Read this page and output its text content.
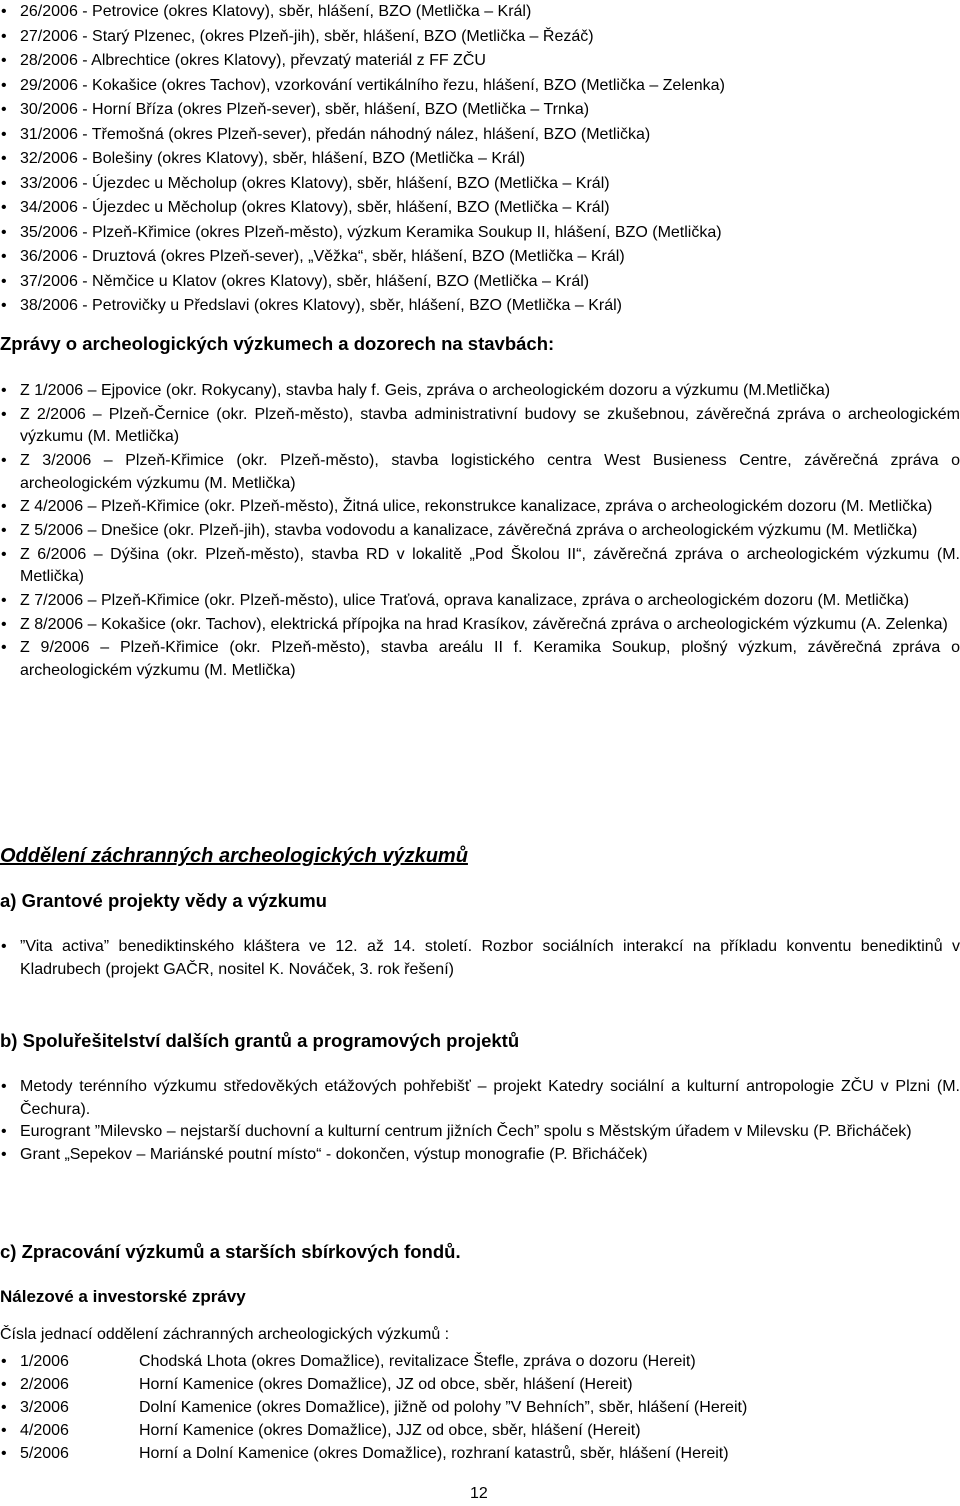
• 26/2006 - Petrovice (okres Klatovy), sběr, hlášení, BZO (Metlička – Král)
• 27/2006 - Starý Plzenec, (okres Plzeň-jih), sběr, hlášení, BZO (Metlička – Řezáč)
• 28/2006 - Albrechtice (okres Klatovy), převzatý materiál z FF ZČU
• 29/2006 - Kokašice (okres Tachov), vzorkování vertikálního řezu, hlášení, BZO (Metlička – Zelenka)
• 30/2006 - Horní Bříza (okres Plzeň-sever), sběr, hlášení, BZO (Metlička – Trnka)
• 31/2006 - Třemošná (okres Plzeň-sever), předán náhodný nález, hlášení, BZO (Metlička)
• 32/2006 - Bolešiny (okres Klatovy), sběr, hlášení, BZO (Metlička – Král)
• 33/2006 - Újezdec u Měcholup (okres Klatovy), sběr, hlášení, BZO (Metlička – Král)
• 34/2006 - Újezdec u Měcholup (okres Klatovy), sběr, hlášení, BZO (Metlička – Král)
• 35/2006 - Plzeň-Křimice (okres Plzeň-město), výzkum Keramika Soukup II, hlášení, BZO (Metlička)
• 36/2006 - Druztová (okres Plzeň-sever), „Věžka“, sběr, hlášení, BZO (Metlička – Král)
• 37/2006 - Němčice u Klatov (okres Klatovy), sběr, hlášení, BZO (Metlička – Král)
• 38/2006 - Petrovičky u Předslavi (okres Klatovy), sběr, hlášení, BZO (Metlička – Král)
Zprávy o archeologických výzkumech a dozorech na stavbách:
• Z 1/2006 – Ejpovice (okr. Rokycany), stavba haly f. Geis, zpráva o archeologickém dozoru a výzkumu (M.Metlička)
• Z 2/2006 – Plzeň-Černice (okr. Plzeň-město), stavba administrativní budovy se zkušebnou, závěrečná zpráva o archeologickém výzkumu (M. Metlička)
• Z 3/2006 – Plzeň-Křimice (okr. Plzeň-město), stavba logistického centra West Busieness Centre, závěrečná zpráva o archeologickém výzkumu (M. Metlička)
• Z 4/2006 – Plzeň-Křimice (okr. Plzeň-město), Žitná ulice, rekonstrukce kanalizace, zpráva o archeologickém dozoru (M. Metlička)
• Z 5/2006 – Dnešice (okr. Plzeň-jih), stavba vodovodu a kanalizace, závěrečná zpráva o archeologickém výzkumu (M. Metlička)
• Z 6/2006 – Dýšina (okr. Plzeň-město), stavba RD v lokalitě „Pod Školou II“, závěrečná zpráva o archeologickém výzkumu (M. Metlička)
• Z 7/2006 – Plzeň-Křimice (okr. Plzeň-město), ulice Traťová, oprava kanalizace, zpráva o archeologickém dozoru (M. Metlička)
• Z 8/2006 – Kokašice (okr. Tachov), elektrická přípojka na hrad Krasíkov, závěrečná zpráva o archeologickém výzkumu (A. Zelenka)
• Z 9/2006 – Plzeň-Křimice (okr. Plzeň-město), stavba areálu II f. Keramika Soukup, plošný výzkum, závěrečná zpráva o archeologickém výzkumu (M. Metlička)
Oddělení záchranných archeologických výzkumů
a) Grantové projekty vědy a výzkumu
• ”Vita activa” benediktinského kláštera ve 12. až 14. století. Rozbor sociálních interakcí na příkladu konventu benediktinů v Kladrubech (projekt GAČR, nositel K. Nováček, 3. rok řešení)
b) Spoluřešitelství dalších grantů a programových projektů
• Metody terénního výzkumu středověkých etážových pohřebišť – projekt Katedry sociální a kulturní antropologie ZČU v Plzni (M. Čechura).
• Eurogrant ”Milevsko – nejstarší duchovní a kulturní centrum jižních Čech” spolu s Městským úřadem v Milevsku (P. Břicháček)
• Grant „Sepekov – Mariánské poutní místo“ - dokončen, výstup monografie (P. Břicháček)
c) Zpracování výzkumů a starších sbírkových fondů.
Nálezové a investorské zprávy
Čísla jednací oddělení záchranných archeologických výzkumů :
• 1/2006	Chodská Lhota (okres Domažlice), revitalizace Štefle, zpráva o dozoru (Hereit)
• 2/2006	Horní Kamenice (okres Domažlice), JZ od obce, sběr, hlášení (Hereit)
• 3/2006	Dolní Kamenice (okres Domažlice), jižně od polohy ”V Behních”, sběr, hlášení (Hereit)
• 4/2006	Horní Kamenice (okres Domažlice), JJZ od obce, sběr, hlášení (Hereit)
• 5/2006	Horní a Dolní Kamenice (okres Domažlice), rozhraní katastrů, sběr, hlášení (Hereit)
12
